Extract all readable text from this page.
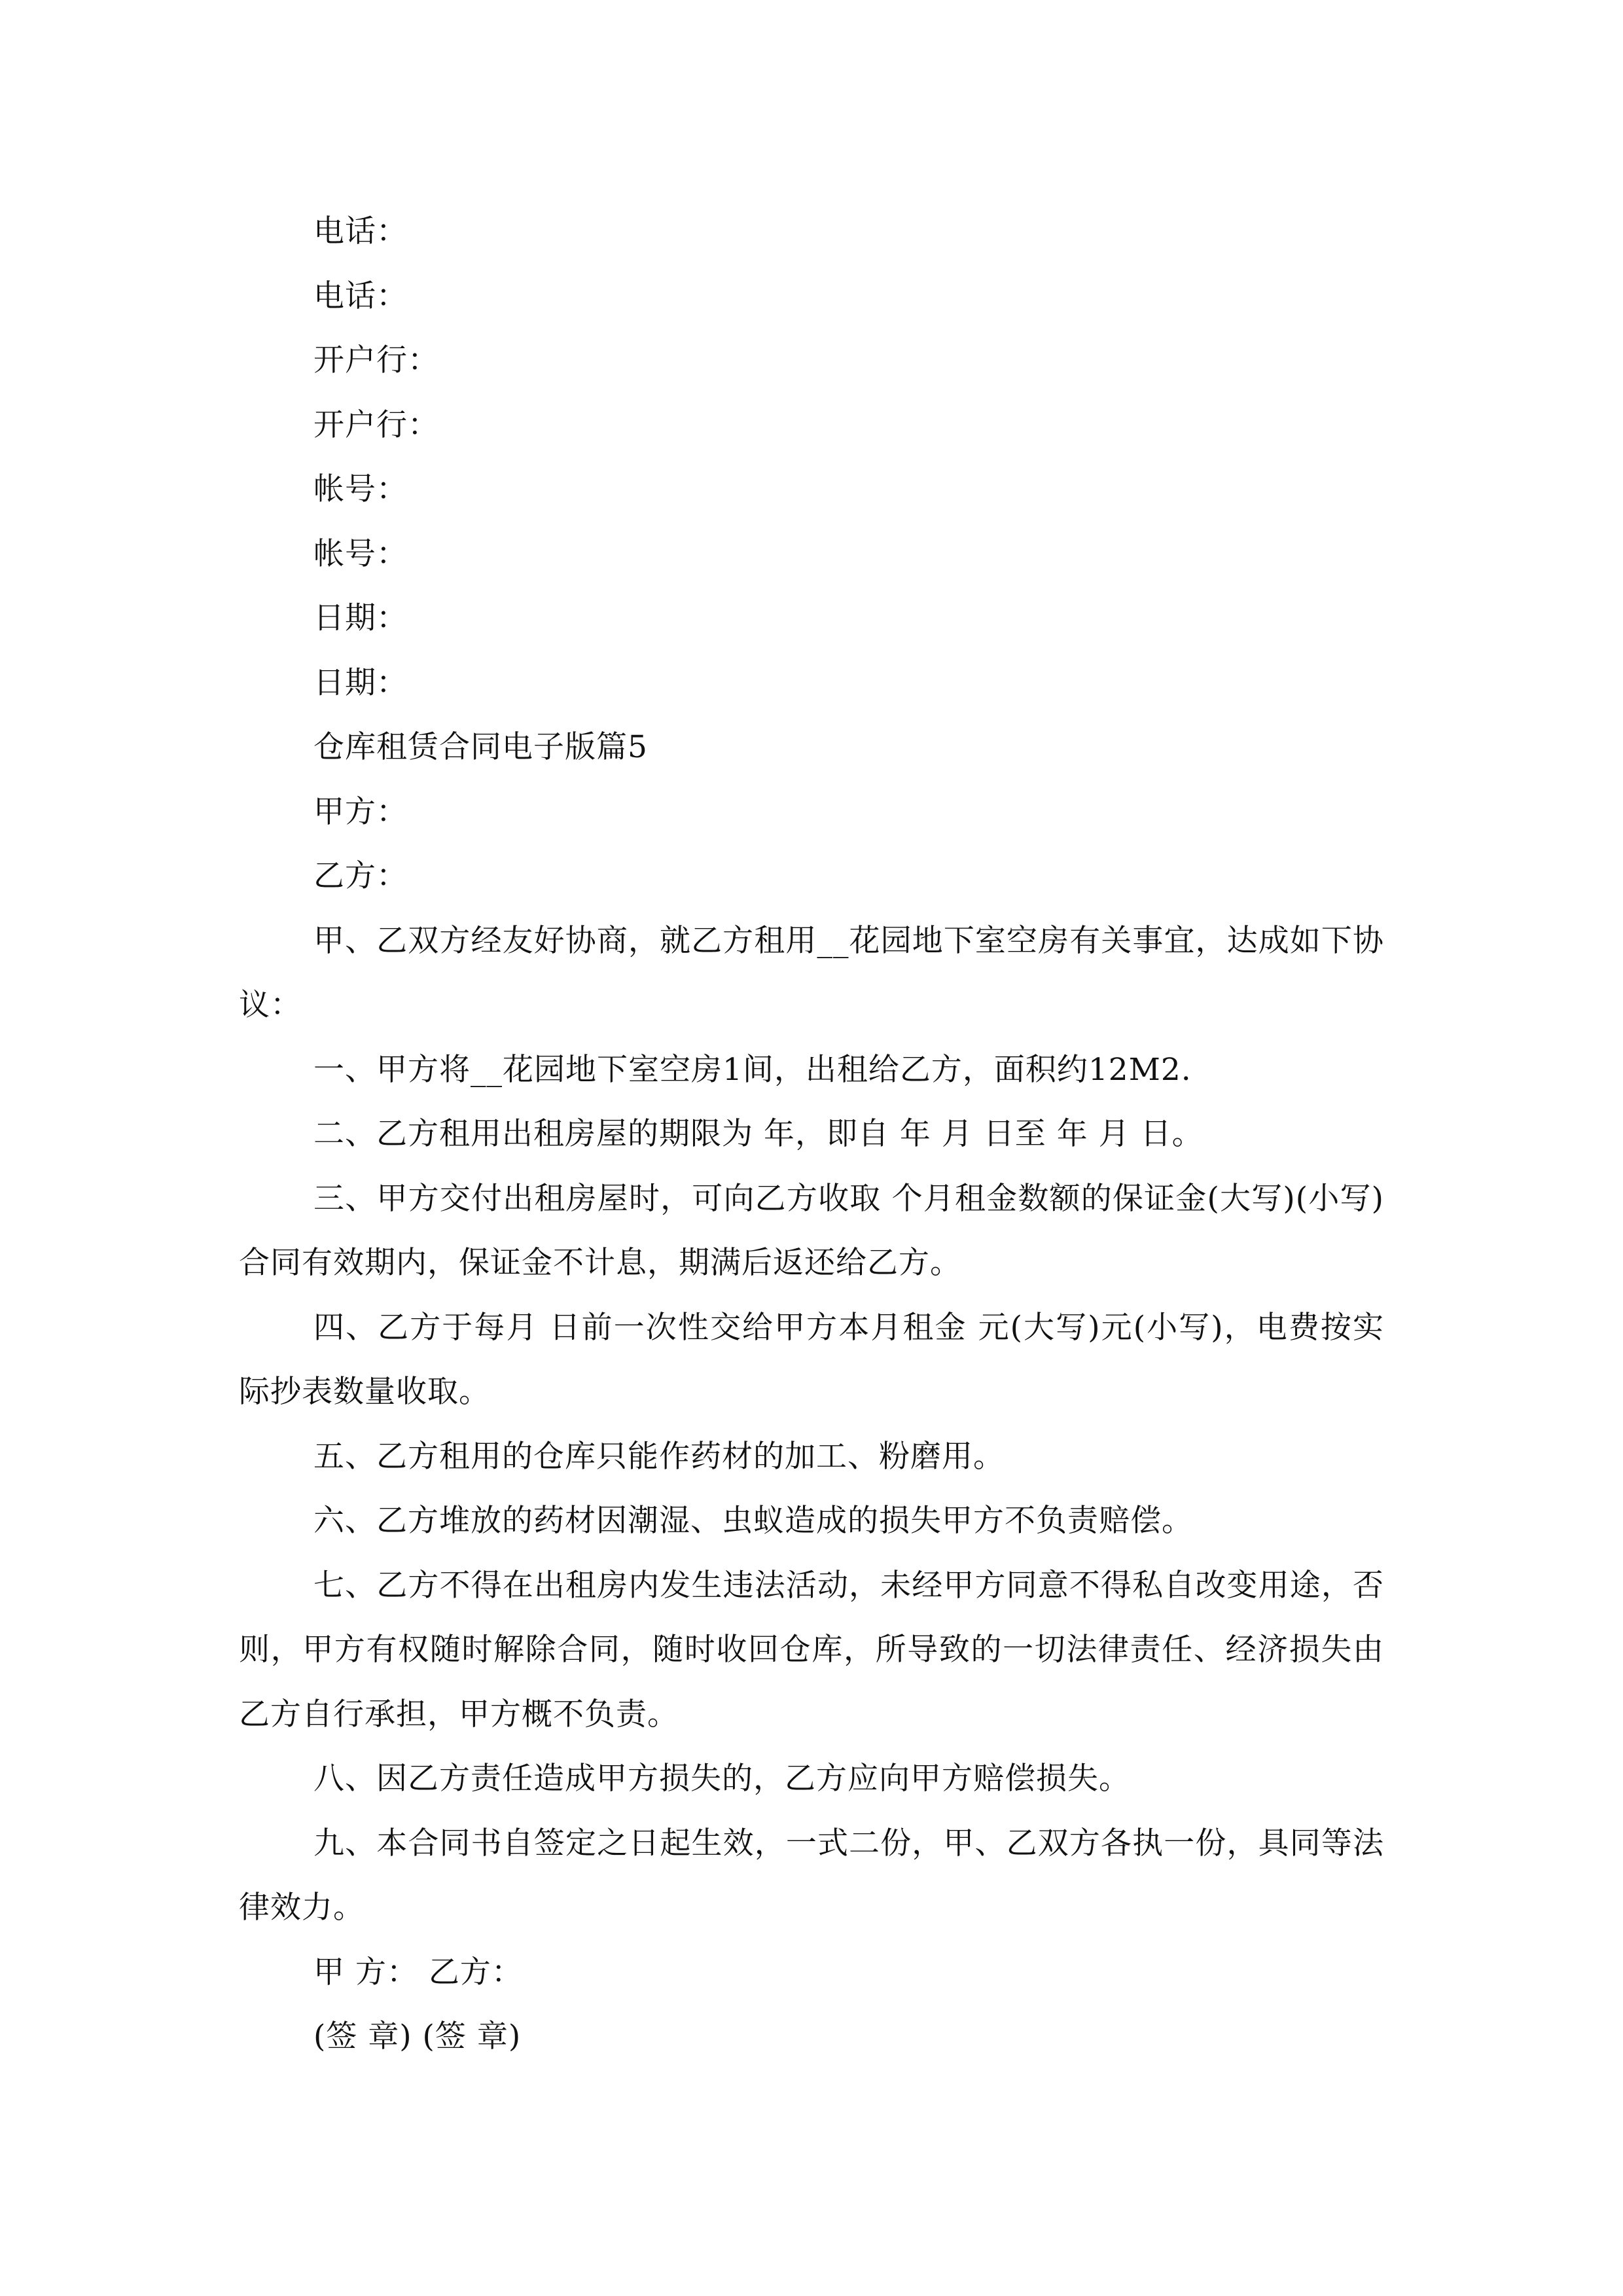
电话：
电话：
开户行：
开户行：
帐号：
帐号：
日期：
日期：
仓库租赁合同电子版篇5
甲方：
乙方：
甲、乙双方经友好协商，就乙方租用__花园地下室空房有关事宜，达成如下协议：
一、甲方将__花园地下室空房1间，出租给乙方，面积约12M2.
二、乙方租用出租房屋的期限为 年，即自 年 月 日至 年 月 日。
三、甲方交付出租房屋时，可向乙方收取 个月租金数额的保证金(大写)(小写)合同有效期内，保证金不计息，期满后返还给乙方。
四、乙方于每月 日前一次性交给甲方本月租金 元(大写)元(小写)，电费按实际抄表数量收取。
五、乙方租用的仓库只能作药材的加工、粉磨用。
六、乙方堆放的药材因潮湿、虫蚁造成的损失甲方不负责赔偿。
七、乙方不得在出租房内发生违法活动，未经甲方同意不得私自改变用途，否则，甲方有权随时解除合同，随时收回仓库，所导致的一切法律责任、经济损失由乙方自行承担，甲方概不负责。
八、因乙方责任造成甲方损失的，乙方应向甲方赔偿损失。
九、本合同书自签定之日起生效，一式二份，甲、乙双方各执一份，具同等法律效力。
甲 方： 乙方：
(签 章) (签 章)
